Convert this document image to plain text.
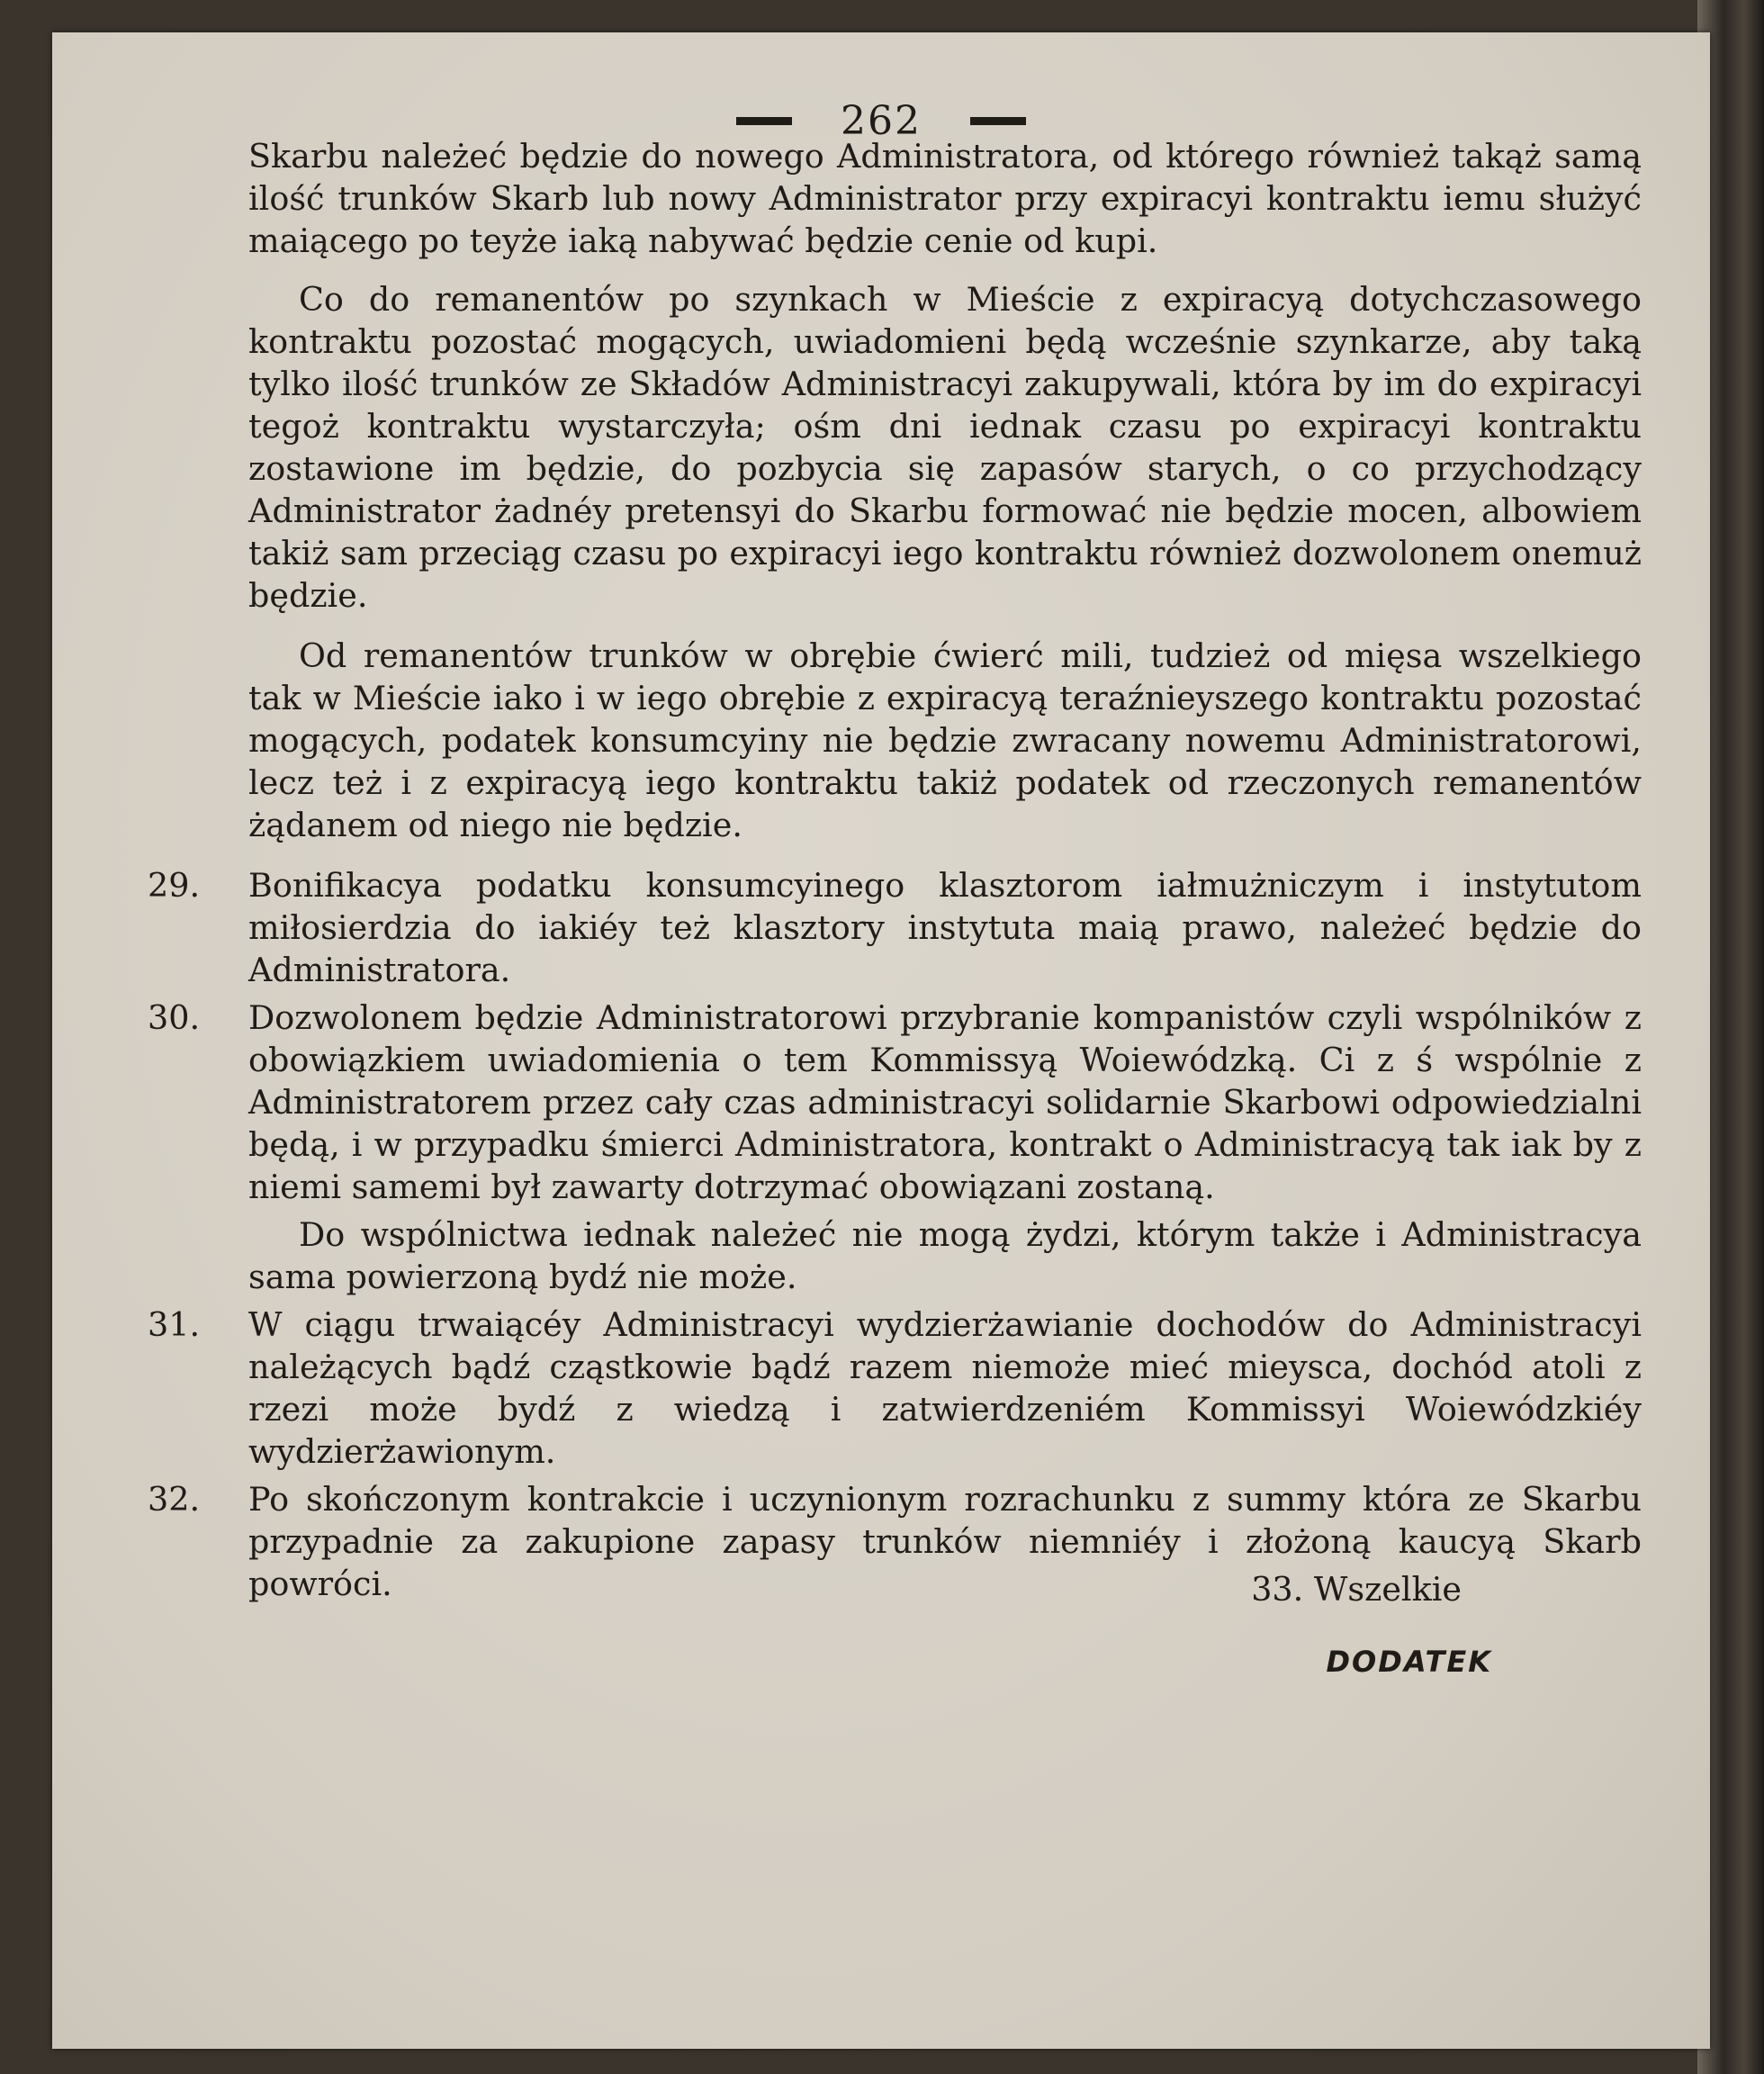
262

Skarbu należeć będzie do nowego Administratora, od którego również takąż samą ilość trunków Skarb lub nowy Administrator przy expiracyi kontraktu iemu służyć maiącego po teyże iaką nabywać będzie cenie od kupi.

Co do remanentów po szynkach w Mieście z expiracyą dotychczasowego kontraktu pozostać mogących, uwiadomieni będą wcześnie szynkarze, aby taką tylko ilość trunków ze Składów Administracyi zakupywali, która by im do expiracyi tegoż kontraktu wystarczyła; ośm dni iednak czasu po expiracyi kontraktu zostawione im będzie, do pozbycia się zapasów starych, o co przychodzący Administrator żadnéy pretensyi do Skarbu formować nie będzie mocen, albowiem takiż sam przeciąg czasu po expiracyi iego kontraktu również dozwolonem onemuż będzie.

Od remanentów trunków w obrębie ćwierć mili, tudzież od mięsa wszelkiego tak w Mieście iako i w iego obrębie z expiracyą teraźnieyszego kontraktu pozostać mogących, podatek konsumcyiny nie będzie zwracany nowemu Administratorowi, lecz też i z expiracyą iego kontraktu takiż podatek od rzeczonych remanentów żądanem od niego nie będzie.

29. Bonifikacya podatku konsumcyinego klasztorom iałmużniczym i instytutom miłosierdzia do iakiéy też klasztory instytuta maią prawo, należeć będzie do Administratora.
30. Dozwolonem będzie Administratorowi przybranie kompanistów czyli wspólników z obowiązkiem uwiadomienia o tem Kommissyą Woiewódzką. Ci z ś wspólnie z Administratorem przez cały czas administracyi solidarnie Skarbowi odpowiedzialni będą, i w przypadku śmierci Administratora, kontrakt o Administracyą tak iak by z niemi samemi był zawarty dotrzymać obowiązani zostaną.

Do wspólnictwa iednak należeć nie mogą żydzi, którym także i Administracya sama powierzoną bydź nie może.

31. W ciągu trwaiącéy Administracyi wydzierżawianie dochodów do Administracyi należących bądź cząstkowie bądź razem niemoże mieć mieysca, dochód atoli z rzezi może bydź z wiedzą i zatwierdzeniém Kommissyi Woiewódzkiéy wydzierżawionym.
32. Po skończonym kontrakcie i uczynionym rozrachunku z summy która ze Skarbu przypadnie za zakupione zapasy trunków niemniéy i złożoną kaucyą Skarb powróci.	33. Wszelkie
DODATEK
